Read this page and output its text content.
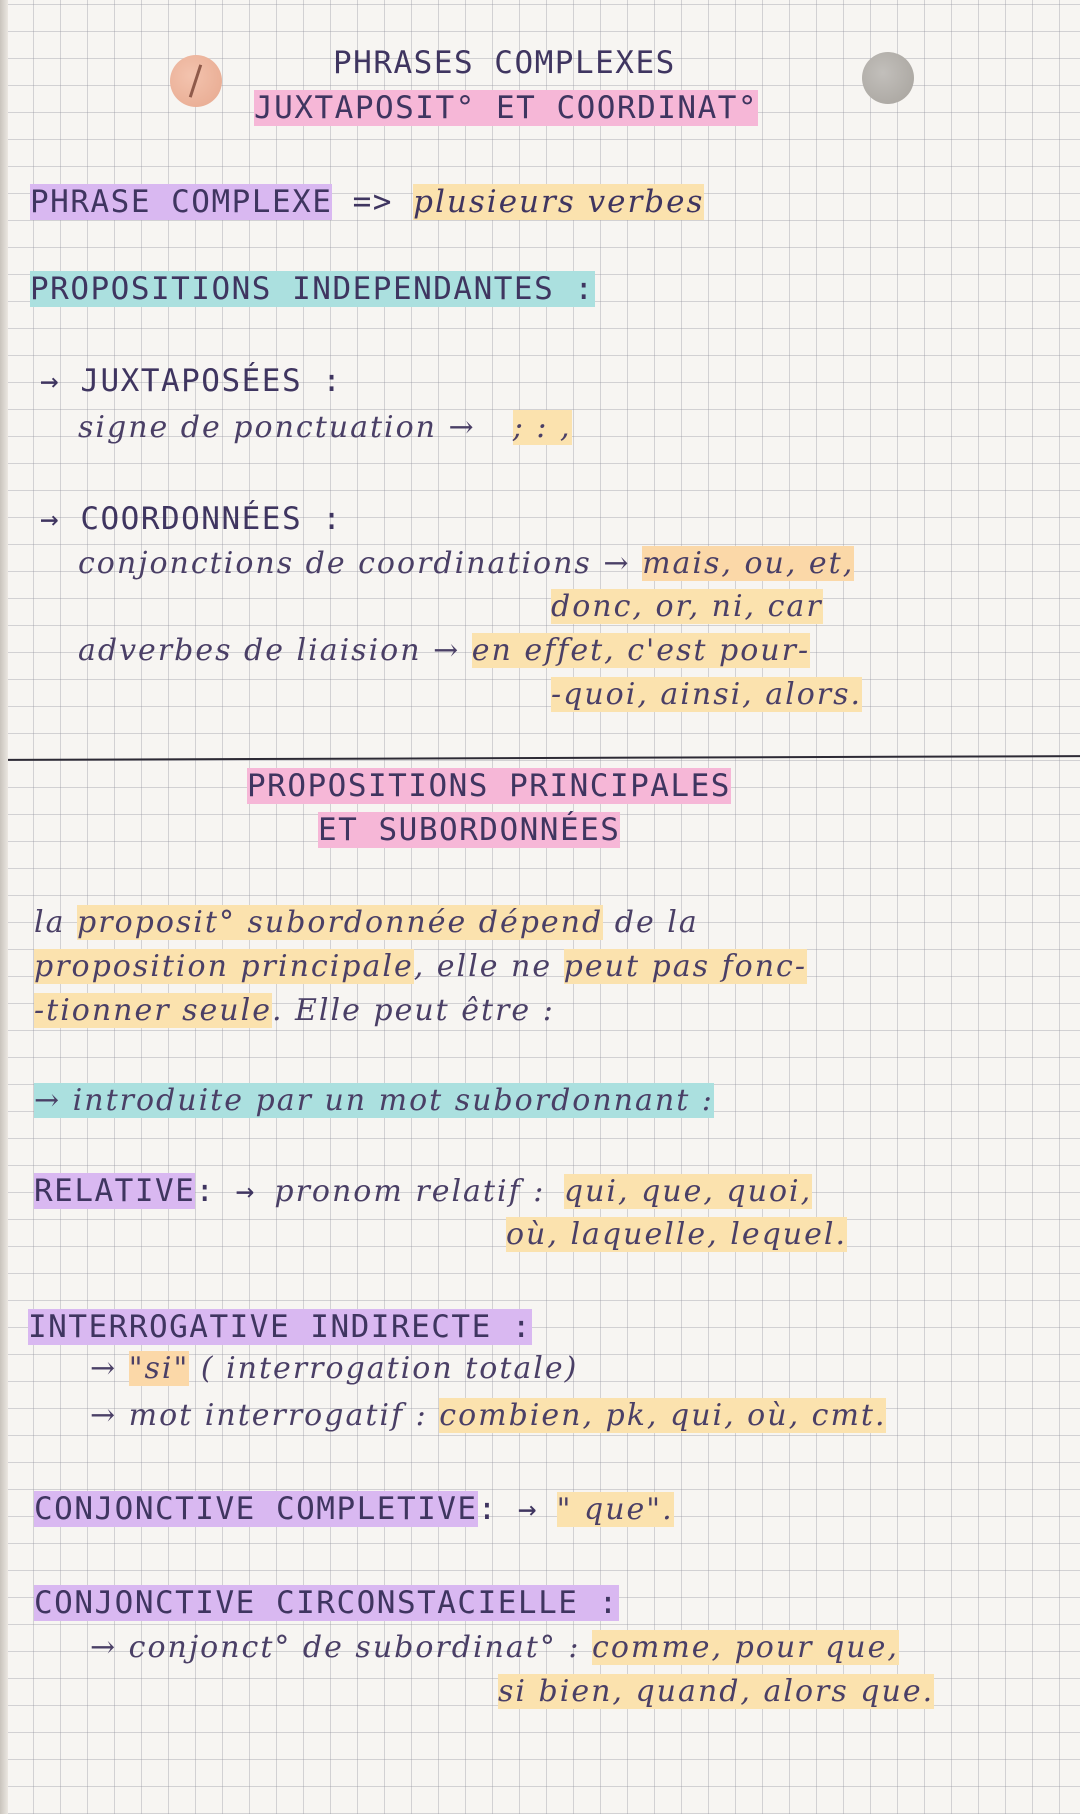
PHRASES COMPLEXES
JUXTAPOSIT° ET COORDINAT°
PHRASE COMPLEXE => plusieurs verbes
PROPOSITIONS INDEPENDANTES :
→ JUXTAPOSÉES :
signe de ponctuation → ; : ,
→ COORDONNÉES :
conjonctions de coordinations → mais, ou, et,
donc, or, ni, car
adverbes de liaision → en effet, c'est pour-
-quoi, ainsi, alors.
PROPOSITIONS PRINCIPALES
ET SUBORDONNÉES
la proposit° subordonnée dépend de la
proposition principale, elle ne peut pas fonc-
-tionner seule. Elle peut être :
→ introduite par un mot subordonnant :
RELATIVE: → pronom relatif : qui, que, quoi,
où, laquelle, lequel.
INTERROGATIVE INDIRECTE :
→ "si" ( interrogation totale)
→ mot interrogatif : combien, pk, qui, où, cmt.
CONJONCTIVE COMPLETIVE: → " que".
CONJONCTIVE CIRCONSTACIELLE :
→ conjonct° de subordinat° : comme, pour que,
si bien, quand, alors que.
